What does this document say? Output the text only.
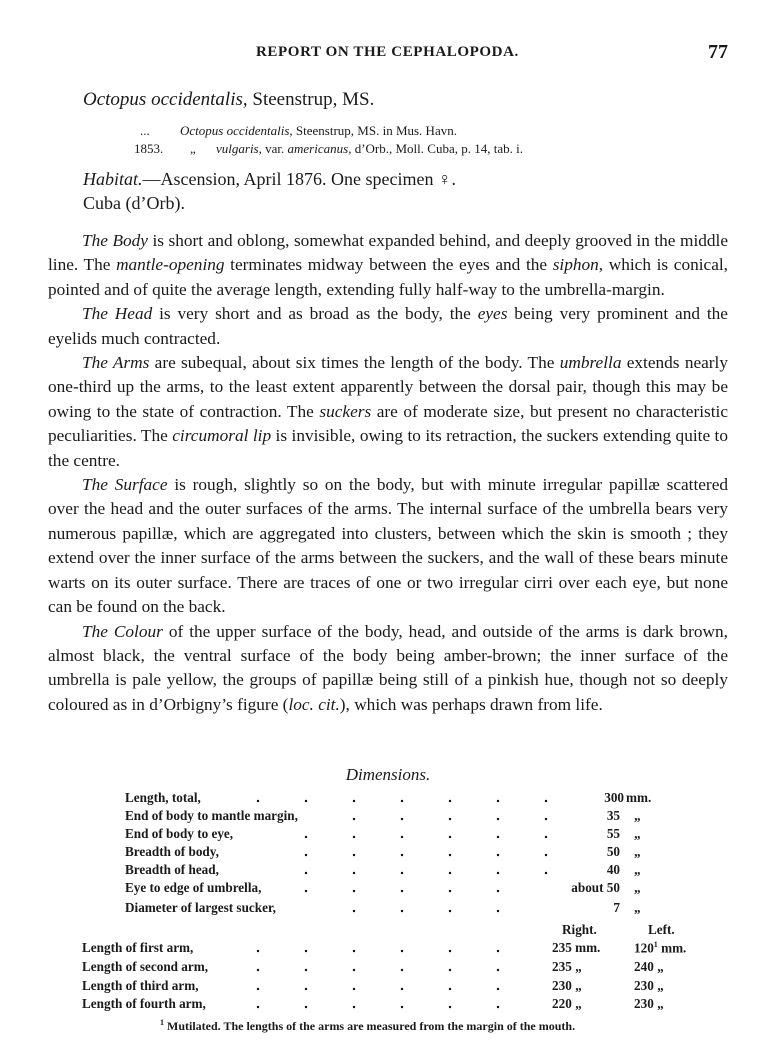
REPORT ON THE CEPHALOPODA.	77
Octopus occidentalis, Steenstrup, MS.
... Octopus occidentalis, Steenstrup, MS. in Mus. Havn.
1853. „ vulgaris, var. americanus, d’Orb., Moll. Cuba, p. 14, tab. i.
Habitat.—Ascension, April 1876. One specimen ♀.
Cuba (d’Orb).

The Body is short and oblong, somewhat expanded behind, and deeply grooved in the middle line. The mantle-opening terminates midway between the eyes and the siphon, which is conical, pointed and of quite the average length, extending fully half-way to the umbrella-margin.

The Head is very short and as broad as the body, the eyes being very prominent and the eyelids much contracted.

The Arms are subequal, about six times the length of the body. The umbrella extends nearly one-third up the arms, to the least extent apparently between the dorsal pair, though this may be owing to the state of contraction. The suckers are of moderate size, but present no characteristic peculiarities. The circumoral lip is invisible, owing to its retraction, the suckers extending quite to the centre.

The Surface is rough, slightly so on the body, but with minute irregular papillæ scattered over the head and the outer surfaces of the arms. The internal surface of the umbrella bears very numerous papillæ, which are aggregated into clusters, between which the skin is smooth ; they extend over the inner surface of the arms between the suckers, and the wall of these bears minute warts on its outer surface. There are traces of one or two irregular cirri over each eye, but none can be found on the back.

The Colour of the upper surface of the body, head, and outside of the arms is dark brown, almost black, the ventral surface of the body being amber-brown; the inner surface of the umbrella is pale yellow, the groups of papillæ being still of a pinkish hue, though not so deeply coloured as in d’Orbigny’s figure (loc. cit.), which was perhaps drawn from life.

Dimensions.
Length, total,	300 mm.
End of body to mantle margin,	35 „
End of body to eye,	55 „
Breadth of body,	50 „
Breadth of head,	40 „
Eye to edge of umbrella,	about 50 „
Diameter of largest sucker,	7 „
Right.	Left.
Length of first arm,	235 mm.	$120^1$ mm.
Length of second arm,	235 „	240 „
Length of third arm,	230 „	230 „
Length of fourth arm,	220 „	230 „
$^1$ Mutilated. The lengths of the arms are measured from the margin of the mouth.
